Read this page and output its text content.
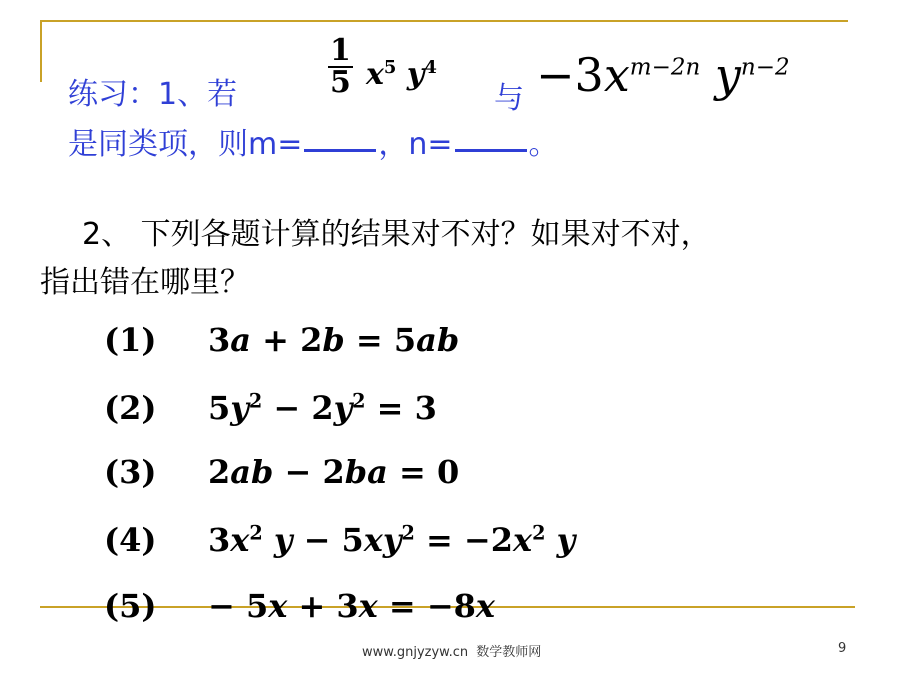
练习：1、若	$\frac{1}{5} x^5$ $y^4$
与 $-3x^{m-2n}$ $y^{n-2}$
是同类项，则m=	，n=	。
2、 下列各题计算的结果对不对？如果对不对，
指出错在哪里？
(1) 3a + 2b = 5ab
(2) $5y^2 - 2y^2 = 3$
(3) 2ab − 2ba = 0
(4) $3x^2$ $y - 5xy^2 = -2x^2$ y
(5) − 5x + 3x = −8x
www.gnjyzyw.cn 数学教师网	9
